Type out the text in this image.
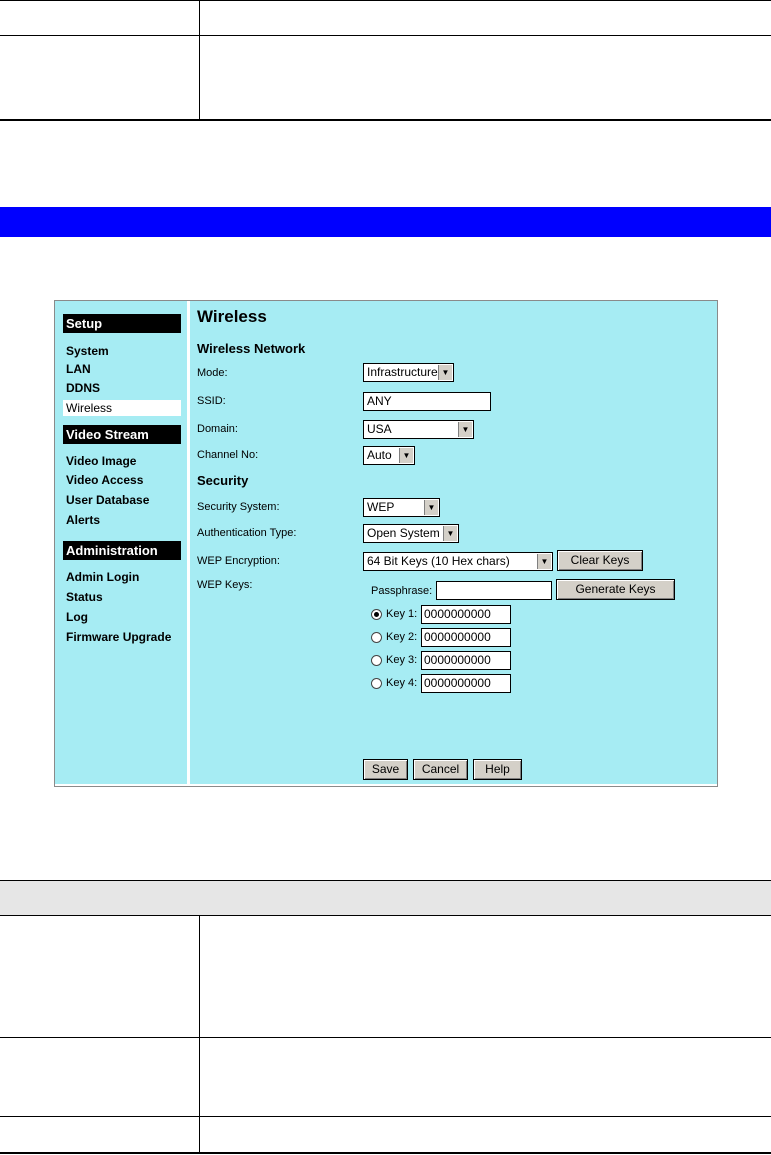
Setup
System
LAN
DDNS
Wireless
Video Stream
Video Image
Video Access
User Database
Alerts
Administration
Admin Login
Status
Log
Firmware Upgrade
Wireless
Wireless Network
Mode:	Infrastructure ▼
SSID:	ANY
Domain:	USA	▼
Channel No:	Auto	▼
Security
Security System:	WEP	▼
Authentication Type:	Open System ▼
WEP Encryption:	64 Bit Keys (10 Hex chars)	▼	Clear Keys
WEP Keys:	Passphrase:	Generate Keys
Key 1: 0000000000
Key 2: 0000000000
Key 3: 0000000000
Key 4: 0000000000
Save	Cancel	Help
